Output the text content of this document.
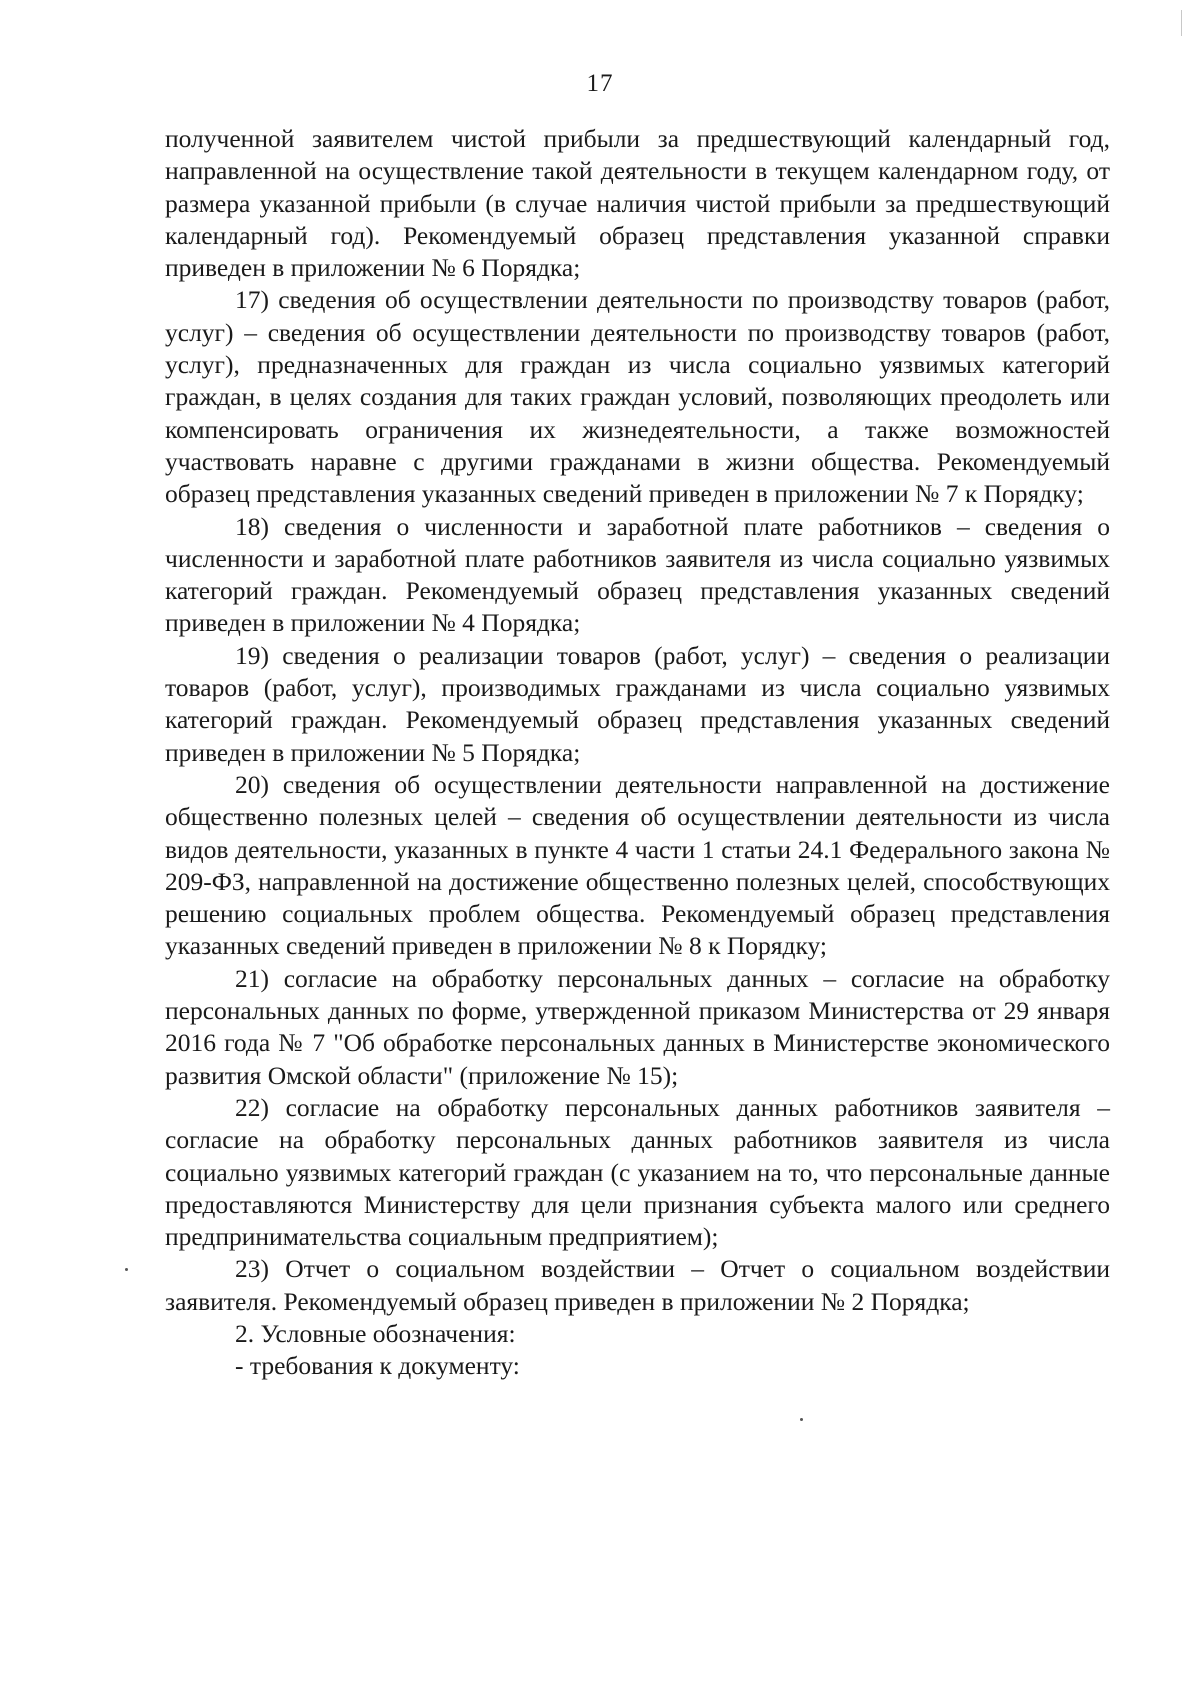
17

полученной заявителем чистой прибыли за предшествующий календарный год, направленной на осуществление такой деятельности в текущем календарном году, от размера указанной прибыли (в случае наличия чистой прибыли за предшествующий календарный год). Рекомендуемый образец представления указанной справки приведен в приложении № 6 Порядка;

17) сведения об осуществлении деятельности по производству товаров (работ, услуг) – сведения об осуществлении деятельности по производству товаров (работ, услуг), предназначенных для граждан из числа социально уязвимых категорий граждан, в целях создания для таких граждан условий, позволяющих преодолеть или компенсировать ограничения их жизнедеятельности, а также возможностей участвовать наравне с другими гражданами в жизни общества. Рекомендуемый образец представления указанных сведений приведен в приложении № 7 к Порядку;

18) сведения о численности и заработной плате работников – сведения о численности и заработной плате работников заявителя из числа социально уязвимых категорий граждан. Рекомендуемый образец представления указанных сведений приведен в приложении № 4 Порядка;

19) сведения о реализации товаров (работ, услуг) – сведения о реализации товаров (работ, услуг), производимых гражданами из числа социально уязвимых категорий граждан. Рекомендуемый образец представления указанных сведений приведен в приложении № 5 Порядка;

20) сведения об осуществлении деятельности направленной на достижение общественно полезных целей – сведения об осуществлении деятельности из числа видов деятельности, указанных в пункте 4 части 1 статьи 24.1 Федерального закона № 209-ФЗ, направленной на достижение общественно полезных целей, способствующих решению социальных проблем общества. Рекомендуемый образец представления указанных сведений приведен в приложении № 8 к Порядку;

21) согласие на обработку персональных данных – согласие на обработку персональных данных по форме, утвержденной приказом Министерства от 29 января 2016 года № 7 "Об обработке персональных данных в Министерстве экономического развития Омской области" (приложение № 15);

22) согласие на обработку персональных данных работников заявителя – согласие на обработку персональных данных работников заявителя из числа социально уязвимых категорий граждан (с указанием на то, что персональные данные предоставляются Министерству для цели признания субъекта малого или среднего предпринимательства социальным предприятием);

23) Отчет о социальном воздействии – Отчет о социальном воздействии заявителя. Рекомендуемый образец приведен в приложении № 2 Порядка;

2. Условные обозначения:

- требования к документу:
